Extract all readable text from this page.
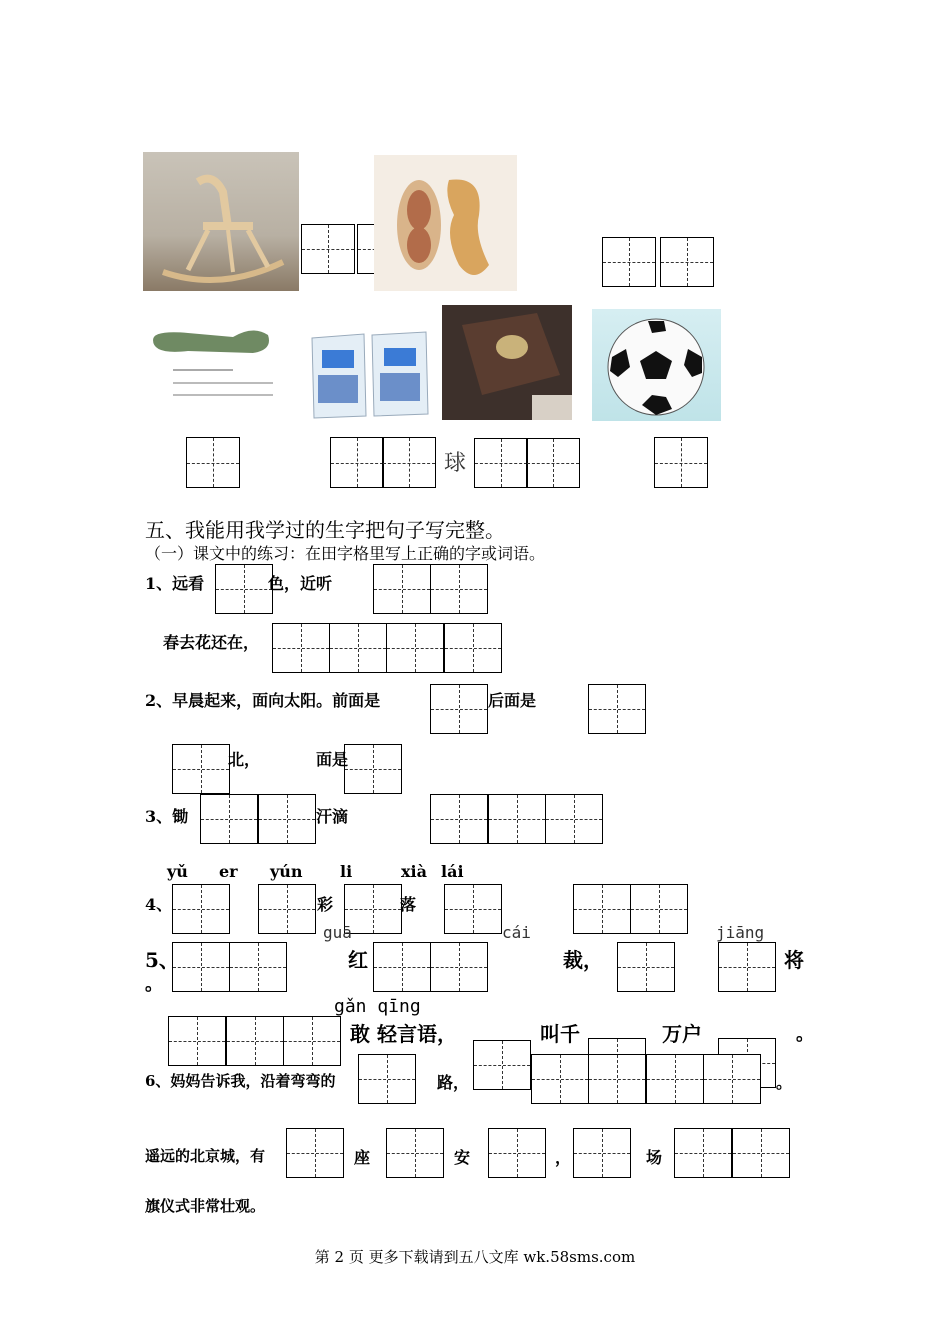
球
五、我能用我学过的生字把句子写完整。
（一）课文中的练习：在田字格里写上正确的字或词语。
1、远看	色，近听
春去花还在，
2、早晨起来，面向太阳。前面是	后面是
北，	面是
3、锄	汗滴
yǔ er yún li	xià lái
4、	彩	落
guā	cái	jiāng
5、	红	裁，	将
。
gǎn qīng
敢 轻言语，	叫千	万户	。
6、妈妈告诉我，沿着弯弯的	路，	。
遥远的北京城，有	座	安	，	场
旗仪式非常壮观。
第 2 页 更多下载请到五八文库 wk.58sms.com
